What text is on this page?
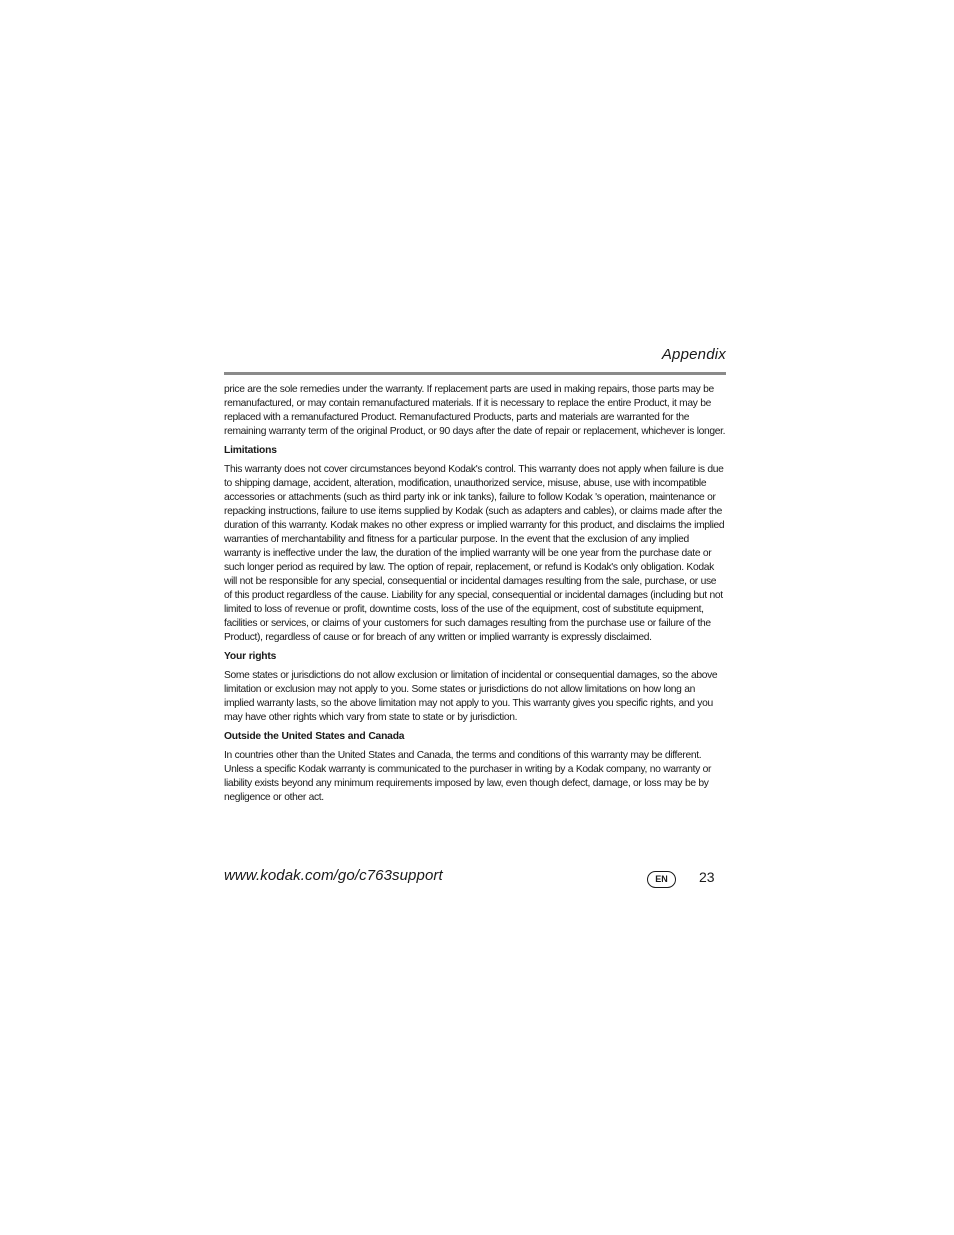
Appendix

price are the sole remedies under the warranty. If replacement parts are used in making repairs, those parts may be remanufactured, or may contain remanufactured materials. If it is necessary to replace the entire Product, it may be replaced with a remanufactured Product. Remanufactured Products, parts and materials are warranted for the remaining warranty term of the original Product, or 90 days after the date of repair or replacement, whichever is longer.

Limitations

This warranty does not cover circumstances beyond Kodak's control. This warranty does not apply when failure is due to shipping damage, accident, alteration, modification, unauthorized service, misuse, abuse, use with incompatible accessories or attachments (such as third party ink or ink tanks), failure to follow Kodak 's operation, maintenance or repacking instructions, failure to use items supplied by Kodak (such as adapters and cables), or claims made after the duration of this warranty. Kodak makes no other express or implied warranty for this product, and disclaims the implied warranties of merchantability and fitness for a particular purpose. In the event that the exclusion of any implied warranty is ineffective under the law, the duration of the implied warranty will be one year from the purchase date or such longer period as required by law. The option of repair, replacement, or refund is Kodak's only obligation. Kodak will not be responsible for any special, consequential or incidental damages resulting from the sale, purchase, or use of this product regardless of the cause. Liability for any special, consequential or incidental damages (including but not limited to loss of revenue or profit, downtime costs, loss of the use of the equipment, cost of substitute equipment, facilities or services, or claims of your customers for such damages resulting from the purchase use or failure of the Product), regardless of cause or for breach of any written or implied warranty is expressly disclaimed.

Your rights

Some states or jurisdictions do not allow exclusion or limitation of incidental or consequential damages, so the above limitation or exclusion may not apply to you. Some states or jurisdictions do not allow limitations on how long an implied warranty lasts, so the above limitation may not apply to you. This warranty gives you specific rights, and you may have other rights which vary from state to state or by jurisdiction.

Outside the United States and Canada

In countries other than the United States and Canada, the terms and conditions of this warranty may be different. Unless a specific Kodak warranty is communicated to the purchaser in writing by a Kodak company, no warranty or liability exists beyond any minimum requirements imposed by law, even though defect, damage, or loss may be by negligence or other act.

www.kodak.com/go/c763support	EN	23
